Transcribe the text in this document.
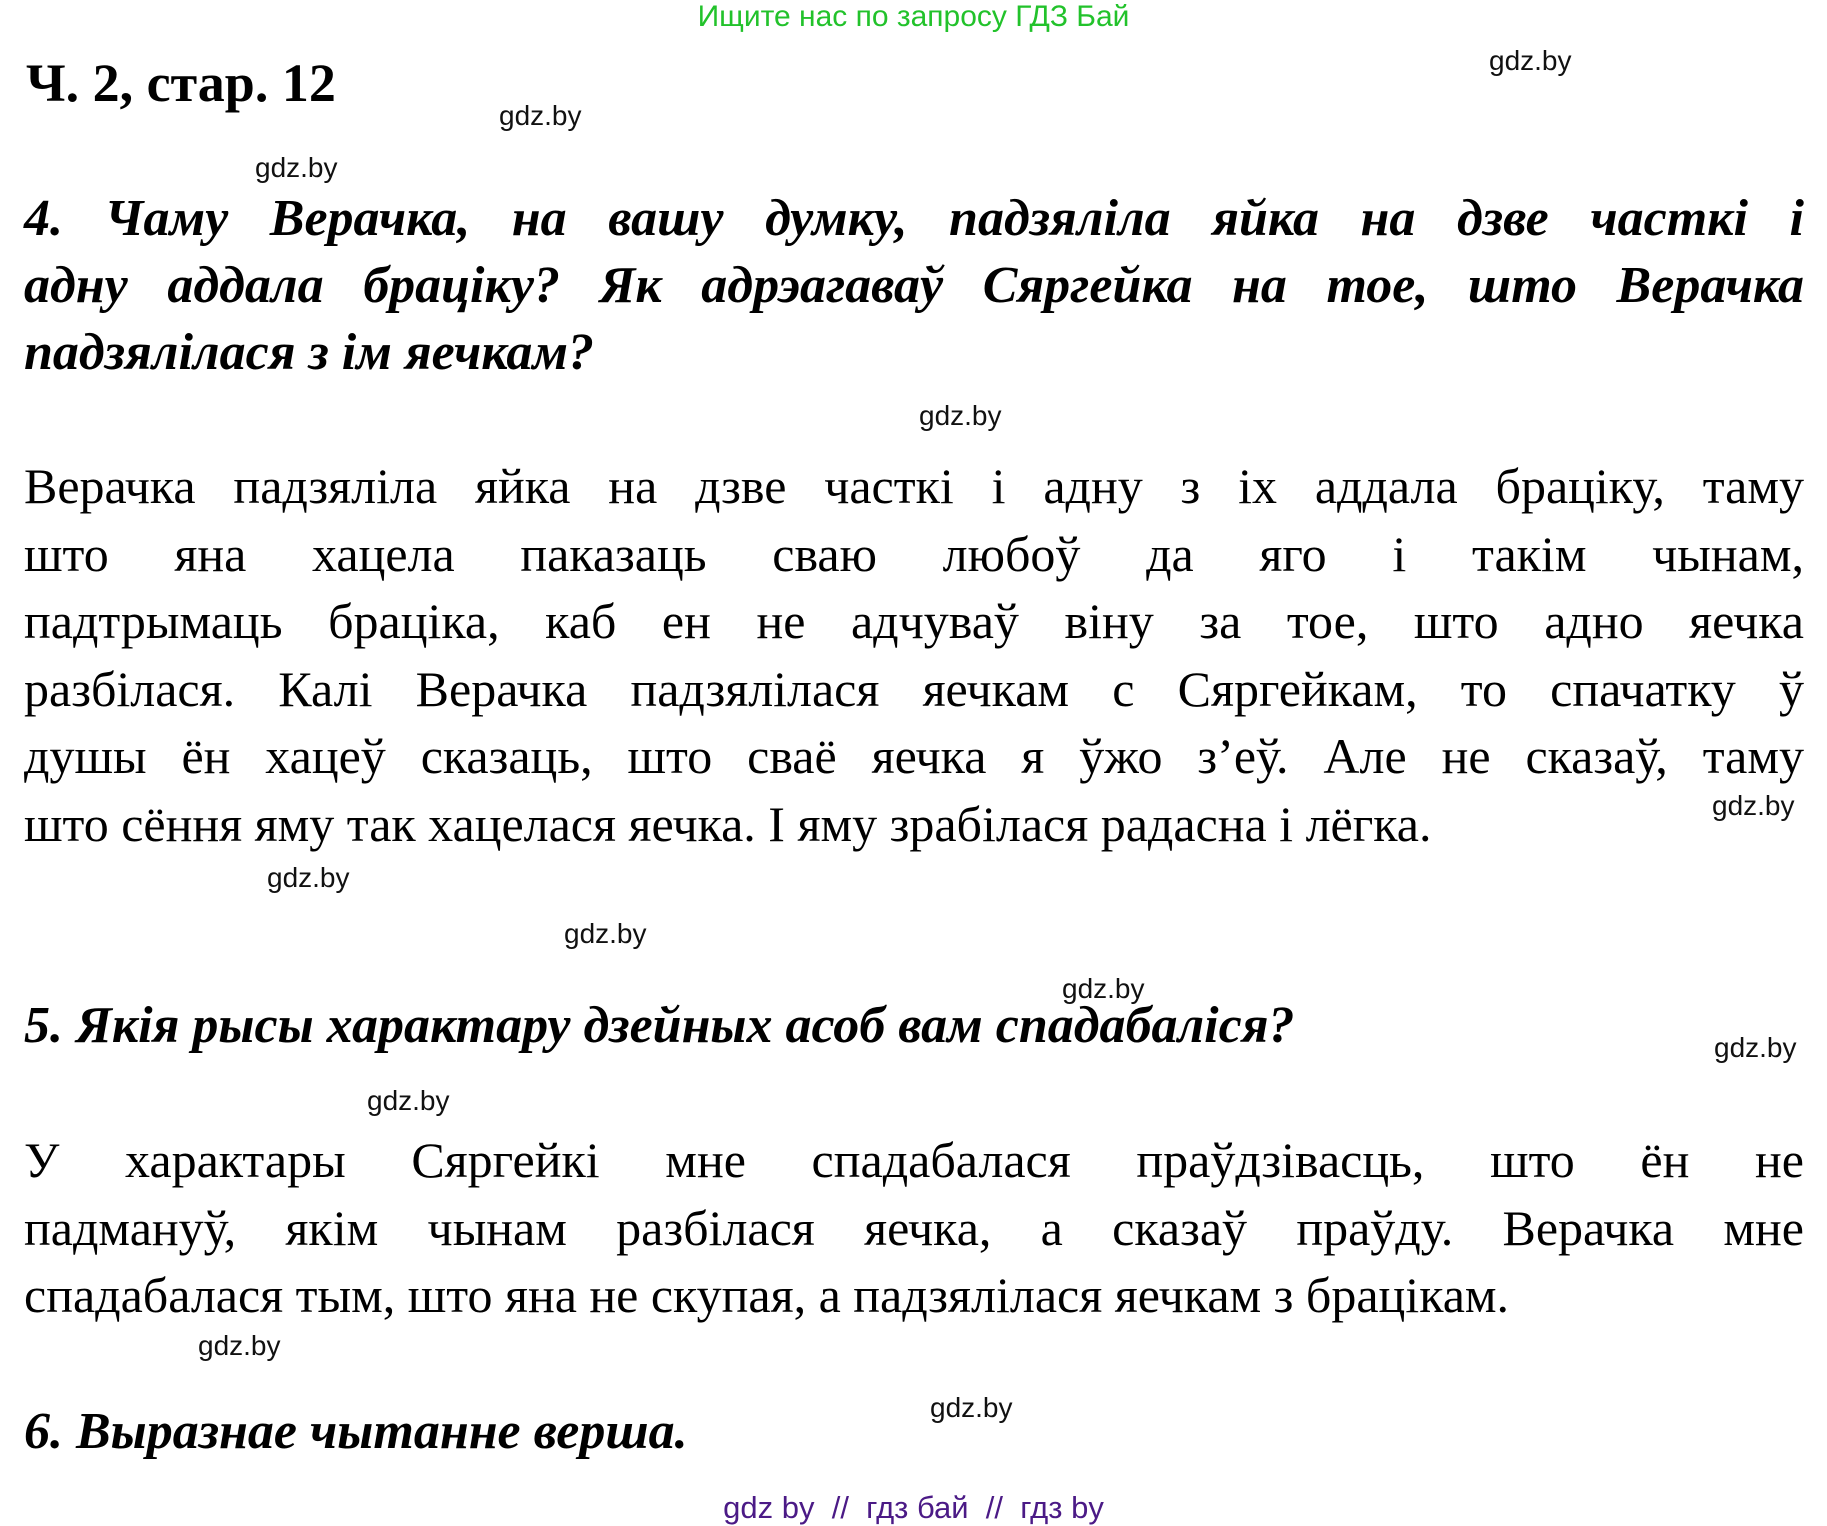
Ищите нас по запросу ГДЗ Бай
Ч. 2, стар. 12	gdz.by
gdz.by
gdz.by
gdz.by
gdz.by
gdz.by
gdz.by
gdz.by
gdz.by
gdz.by
gdz.by
gdz.by
4. Чаму Верачка, на вашу думку, падзяліла яйка на дзве часткі і
адну аддала брацiку? Як адрэагаваў Сяргейка на тое, што Верачка
падзялілася з ім яечкам?
Верачка падзяліла яйка на дзве часткі і адну з іх аддала брацiку, таму
што яна хацела паказаць сваю любоў да яго і такім чынам,
падтрымаць брацiка, каб ен не адчуваў віну за тое, што адно яечка
разбілася. Калі Верачка падзялілася яечкам с Сяргейкам, то спачатку ў
душы ён хацеў сказаць, што сваё яечка я ўжо з’еў. Але не сказаў, таму
што сёння яму так хацелася яечка. І яму зрабілася радасна і лёгка.
5. Якія рысы характару дзейных асоб вам спадабаліся?
У характары Сяргейкі мне спадабалася праўдзівасць, што ён не
падмануў, якім чынам разбілася яечка, а сказаў праўду. Верачка мне
спадабалася тым, што яна не скупая, а падзялілася яечкам з брацiкам.
6. Выразнае чытанне верша.
gdz by  //  гдз бай  //  гдз by
